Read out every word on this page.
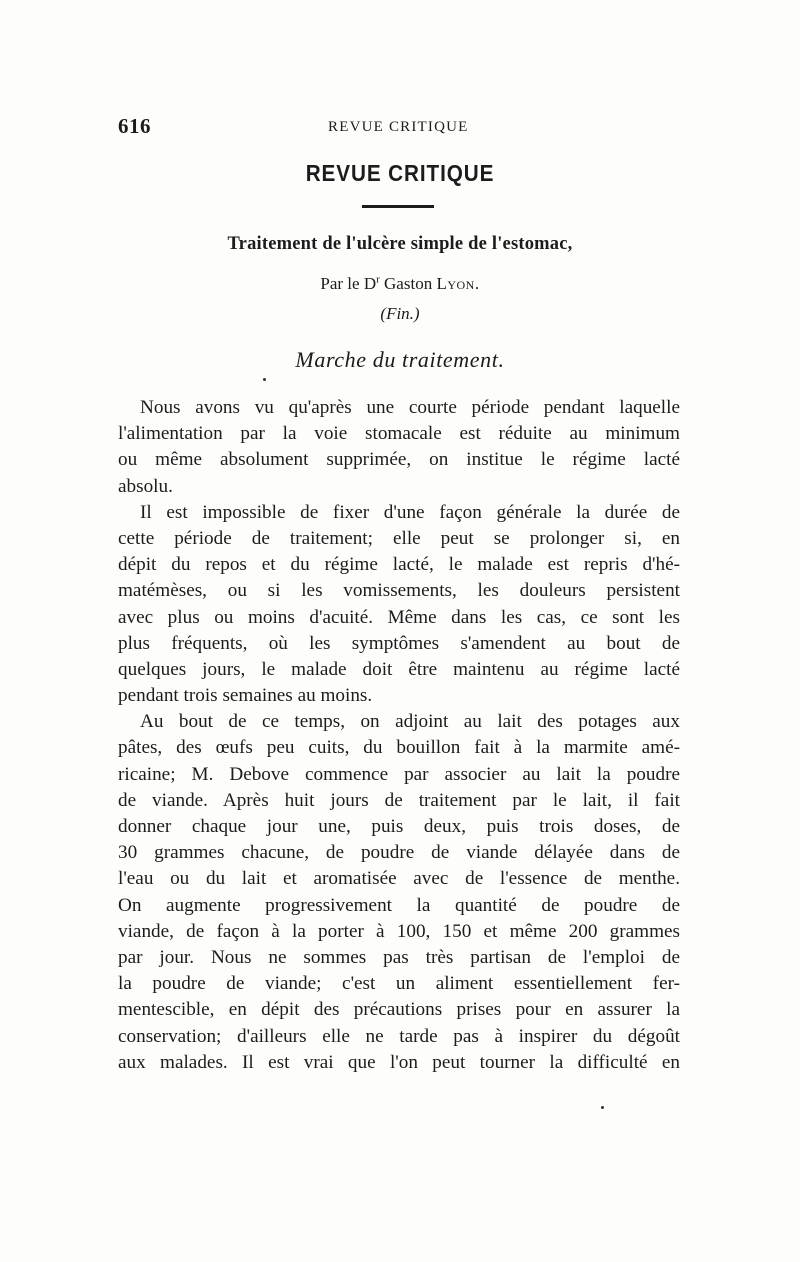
616	REVUE CRITIQUE
REVUE CRITIQUE
Traitement de l'ulcère simple de l'estomac,
Par le $D^r$ Gaston Lyon.
(Fin.)
Marche du traitement.
Nous avons vu qu'après une courte période pendant laquelle
l'alimentation par la voie stomacale est réduite au minimum
ou même absolument supprimée, on institue le régime lacté
absolu.
Il est impossible de fixer d'une façon générale la durée de
cette période de traitement; elle peut se prolonger si, en
dépit du repos et du régime lacté, le malade est repris d'hé-
matémèses, ou si les vomissements, les douleurs persistent
avec plus ou moins d'acuité. Même dans les cas, ce sont les
plus fréquents, où les symptômes s'amendent au bout de
quelques jours, le malade doit être maintenu au régime lacté
pendant trois semaines au moins.
Au bout de ce temps, on adjoint au lait des potages aux
pâtes, des œufs peu cuits, du bouillon fait à la marmite amé-
ricaine; M. Debove commence par associer au lait la poudre
de viande. Après huit jours de traitement par le lait, il fait
donner chaque jour une, puis deux, puis trois doses, de
30 grammes chacune, de poudre de viande délayée dans de
l'eau ou du lait et aromatisée avec de l'essence de menthe.
On augmente progressivement la quantité de poudre de
viande, de façon à la porter à 100, 150 et même 200 grammes
par jour. Nous ne sommes pas très partisan de l'emploi de
la poudre de viande; c'est un aliment essentiellement fer-
mentescible, en dépit des précautions prises pour en assurer la
conservation; d'ailleurs elle ne tarde pas à inspirer du dégoût
aux malades. Il est vrai que l'on peut tourner la difficulté en
